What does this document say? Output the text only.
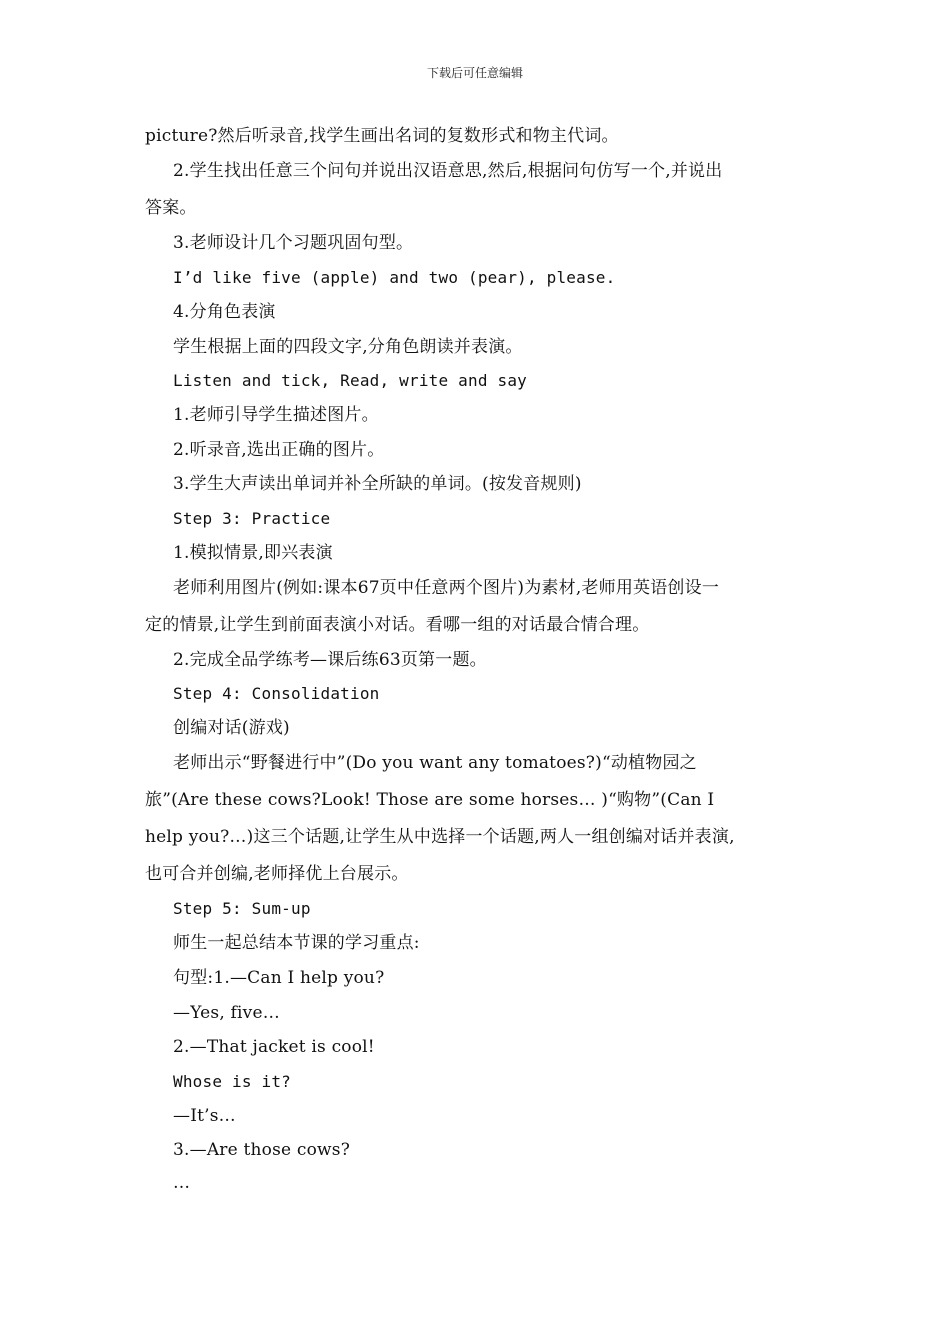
下载后可任意编辑
picture?然后听录音,找学生画出名词的复数形式和物主代词。
2.学生找出任意三个问句并说出汉语意思,然后,根据问句仿写一个,并说出
答案。
3.老师设计几个习题巩固句型。
I’d like five (apple) and two (pear), please.
4.分角色表演
学生根据上面的四段文字,分角色朗读并表演。
Listen and tick, Read, write and say
1.老师引导学生描述图片。
2.听录音,选出正确的图片。
3.学生大声读出单词并补全所缺的单词。(按发音规则)
Step 3: Practice
1.模拟情景,即兴表演
老师利用图片(例如:课本67页中任意两个图片)为素材,老师用英语创设一
定的情景,让学生到前面表演小对话。看哪一组的对话最合情合理。
2.完成全品学练考—课后练63页第一题。
Step 4: Consolidation
创编对话(游戏)
老师出示“野餐进行中”(Do you want any tomatoes?)“动植物园之
旅”(Are these cows?Look! Those are some horses… )“购物”(Can I
help you?…)这三个话题,让学生从中选择一个话题,两人一组创编对话并表演,
也可合并创编,老师择优上台展示。
Step 5: Sum-up
师生一起总结本节课的学习重点:
句型:1.—Can I help you?
—Yes, five…
2.—That jacket is cool!
Whose is it?
—It’s…
3.—Are those cows?
…
